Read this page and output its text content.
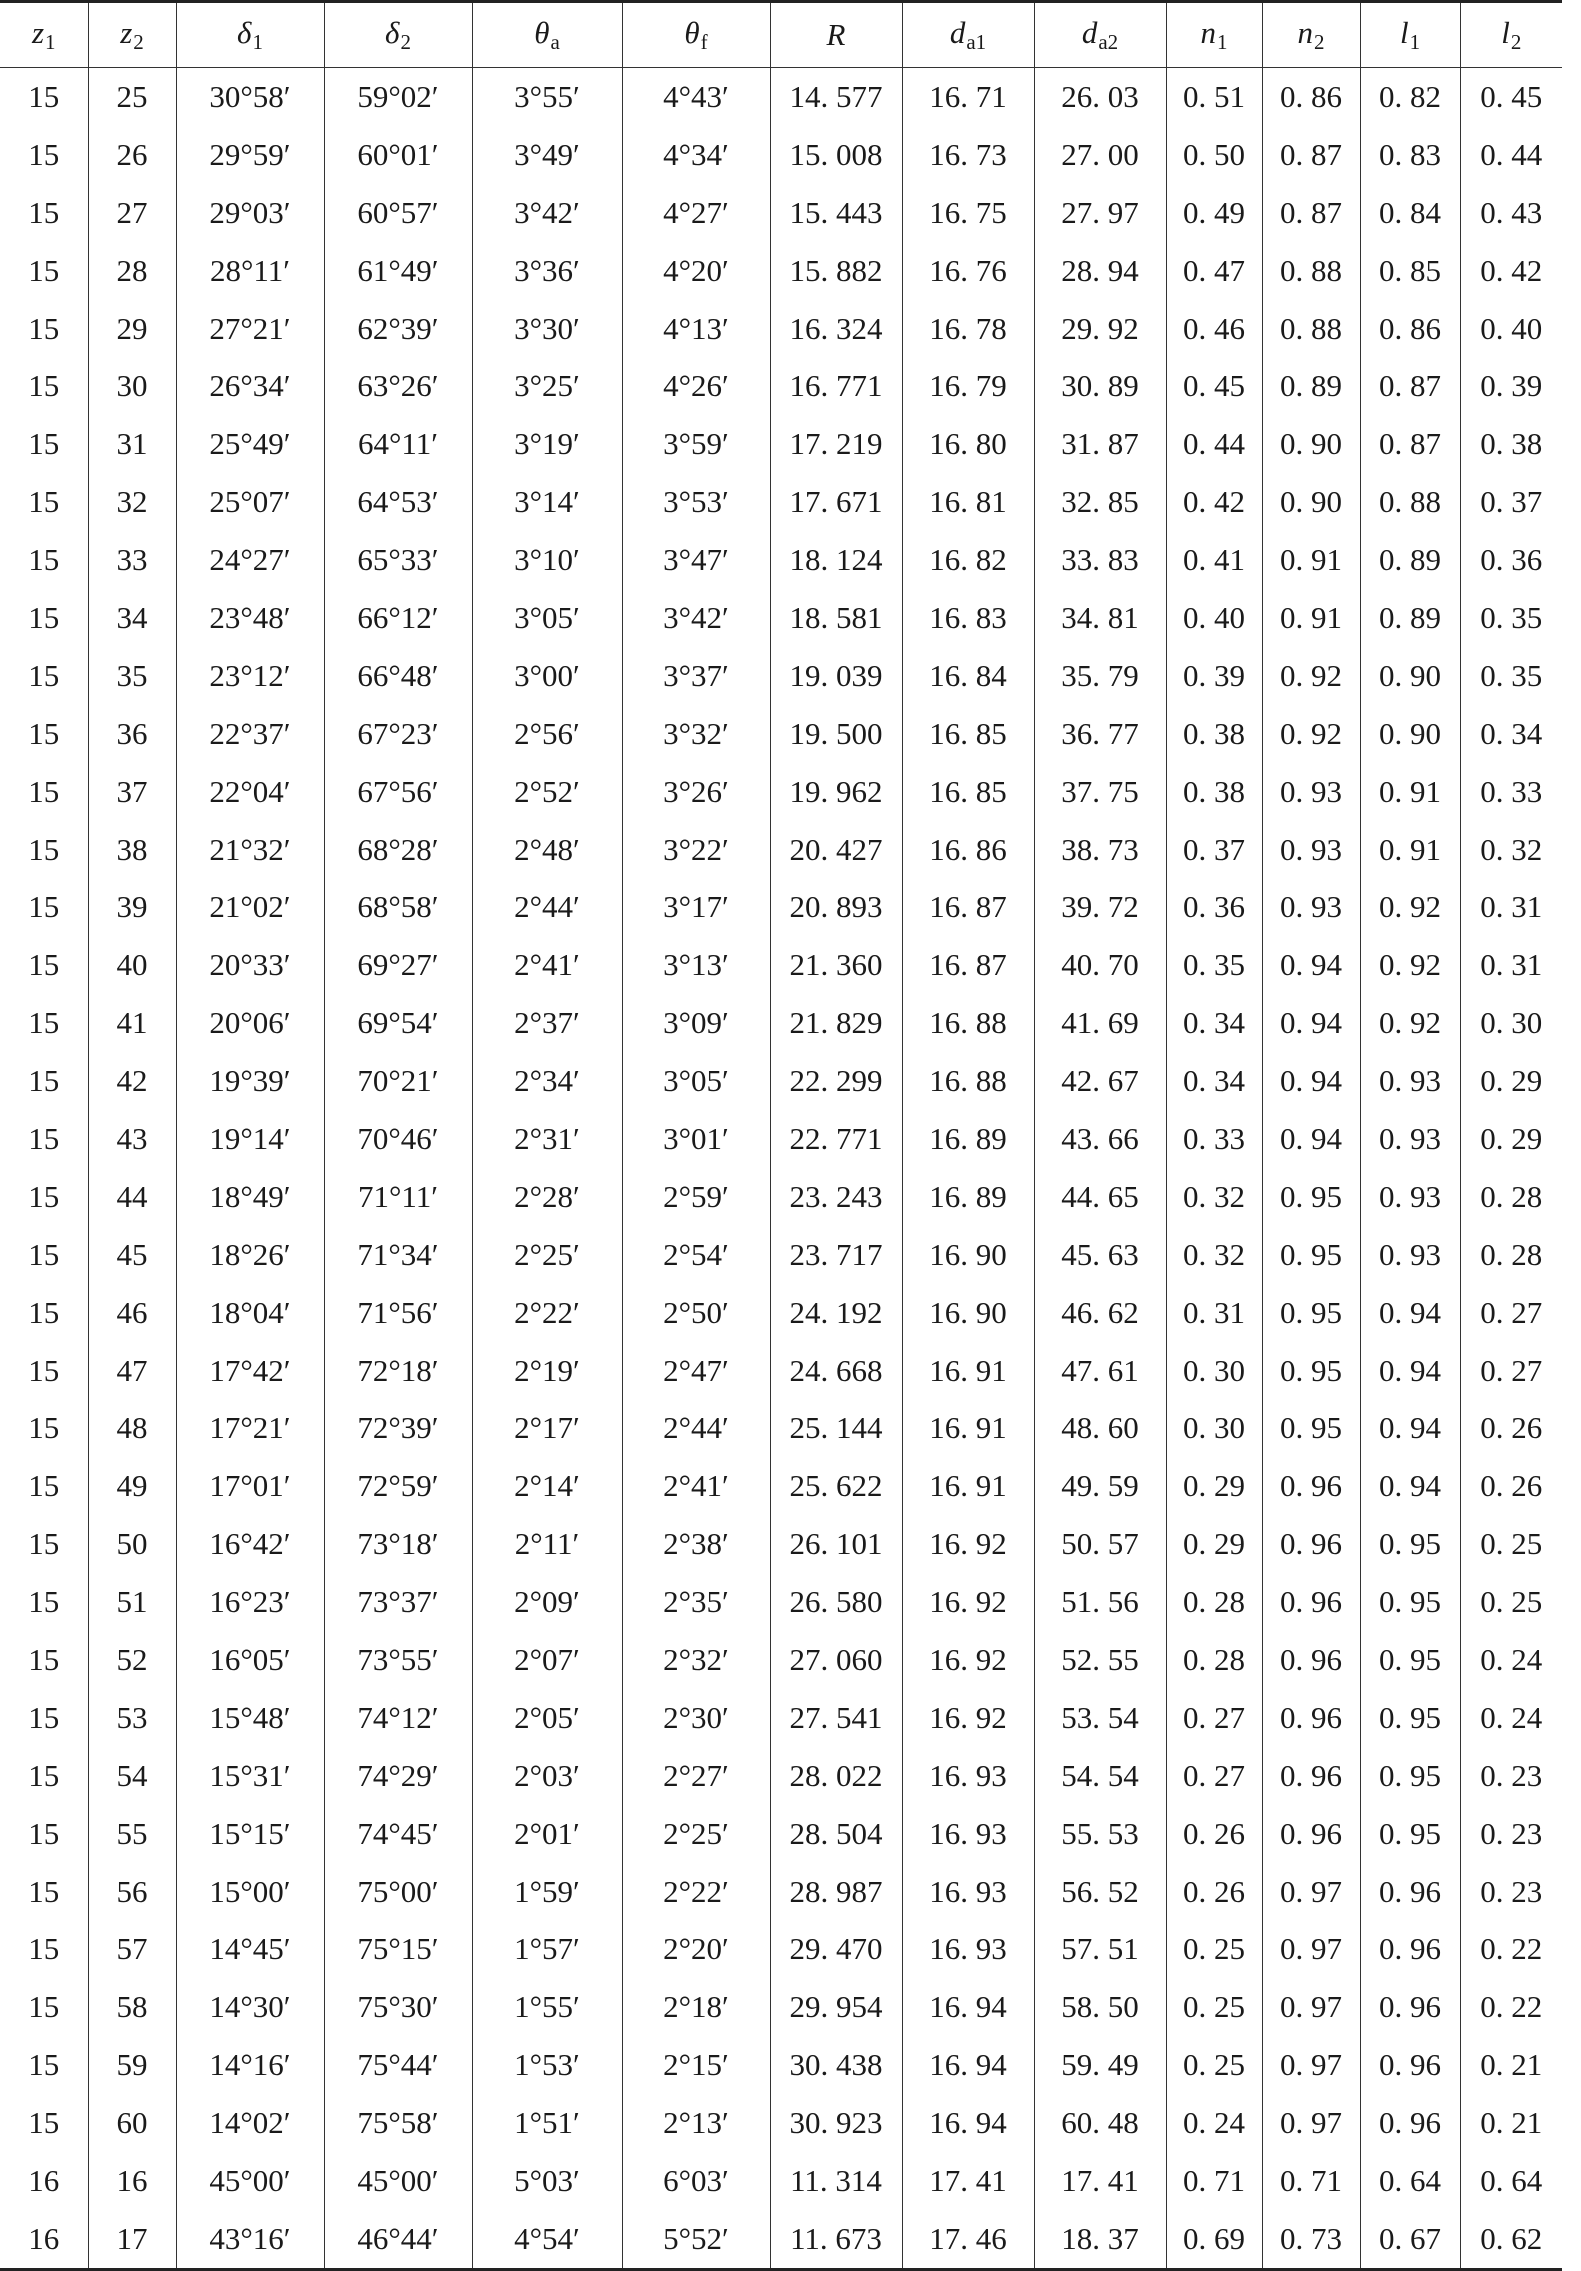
$z_1$	$z_2$	$\delta_1$	$\delta_2$	$\theta_a$	$\theta_f$	R	$d_{a1}$	$d_{a2}$	$n_1$	$n_2$	$l_1$	$l_2$
15	25	30°58′	59°02′	3°55′	4°43′	14. 577	16. 71	26. 03	0. 51	0. 86	0. 82	0. 45
15	26	29°59′	60°01′	3°49′	4°34′	15. 008	16. 73	27. 00	0. 50	0. 87	0. 83	0. 44
15	27	29°03′	60°57′	3°42′	4°27′	15. 443	16. 75	27. 97	0. 49	0. 87	0. 84	0. 43
15	28	28°11′	61°49′	3°36′	4°20′	15. 882	16. 76	28. 94	0. 47	0. 88	0. 85	0. 42
15	29	27°21′	62°39′	3°30′	4°13′	16. 324	16. 78	29. 92	0. 46	0. 88	0. 86	0. 40
15	30	26°34′	63°26′	3°25′	4°26′	16. 771	16. 79	30. 89	0. 45	0. 89	0. 87	0. 39
15	31	25°49′	64°11′	3°19′	3°59′	17. 219	16. 80	31. 87	0. 44	0. 90	0. 87	0. 38
15	32	25°07′	64°53′	3°14′	3°53′	17. 671	16. 81	32. 85	0. 42	0. 90	0. 88	0. 37
15	33	24°27′	65°33′	3°10′	3°47′	18. 124	16. 82	33. 83	0. 41	0. 91	0. 89	0. 36
15	34	23°48′	66°12′	3°05′	3°42′	18. 581	16. 83	34. 81	0. 40	0. 91	0. 89	0. 35
15	35	23°12′	66°48′	3°00′	3°37′	19. 039	16. 84	35. 79	0. 39	0. 92	0. 90	0. 35
15	36	22°37′	67°23′	2°56′	3°32′	19. 500	16. 85	36. 77	0. 38	0. 92	0. 90	0. 34
15	37	22°04′	67°56′	2°52′	3°26′	19. 962	16. 85	37. 75	0. 38	0. 93	0. 91	0. 33
15	38	21°32′	68°28′	2°48′	3°22′	20. 427	16. 86	38. 73	0. 37	0. 93	0. 91	0. 32
15	39	21°02′	68°58′	2°44′	3°17′	20. 893	16. 87	39. 72	0. 36	0. 93	0. 92	0. 31
15	40	20°33′	69°27′	2°41′	3°13′	21. 360	16. 87	40. 70	0. 35	0. 94	0. 92	0. 31
15	41	20°06′	69°54′	2°37′	3°09′	21. 829	16. 88	41. 69	0. 34	0. 94	0. 92	0. 30
15	42	19°39′	70°21′	2°34′	3°05′	22. 299	16. 88	42. 67	0. 34	0. 94	0. 93	0. 29
15	43	19°14′	70°46′	2°31′	3°01′	22. 771	16. 89	43. 66	0. 33	0. 94	0. 93	0. 29
15	44	18°49′	71°11′	2°28′	2°59′	23. 243	16. 89	44. 65	0. 32	0. 95	0. 93	0. 28
15	45	18°26′	71°34′	2°25′	2°54′	23. 717	16. 90	45. 63	0. 32	0. 95	0. 93	0. 28
15	46	18°04′	71°56′	2°22′	2°50′	24. 192	16. 90	46. 62	0. 31	0. 95	0. 94	0. 27
15	47	17°42′	72°18′	2°19′	2°47′	24. 668	16. 91	47. 61	0. 30	0. 95	0. 94	0. 27
15	48	17°21′	72°39′	2°17′	2°44′	25. 144	16. 91	48. 60	0. 30	0. 95	0. 94	0. 26
15	49	17°01′	72°59′	2°14′	2°41′	25. 622	16. 91	49. 59	0. 29	0. 96	0. 94	0. 26
15	50	16°42′	73°18′	2°11′	2°38′	26. 101	16. 92	50. 57	0. 29	0. 96	0. 95	0. 25
15	51	16°23′	73°37′	2°09′	2°35′	26. 580	16. 92	51. 56	0. 28	0. 96	0. 95	0. 25
15	52	16°05′	73°55′	2°07′	2°32′	27. 060	16. 92	52. 55	0. 28	0. 96	0. 95	0. 24
15	53	15°48′	74°12′	2°05′	2°30′	27. 541	16. 92	53. 54	0. 27	0. 96	0. 95	0. 24
15	54	15°31′	74°29′	2°03′	2°27′	28. 022	16. 93	54. 54	0. 27	0. 96	0. 95	0. 23
15	55	15°15′	74°45′	2°01′	2°25′	28. 504	16. 93	55. 53	0. 26	0. 96	0. 95	0. 23
15	56	15°00′	75°00′	1°59′	2°22′	28. 987	16. 93	56. 52	0. 26	0. 97	0. 96	0. 23
15	57	14°45′	75°15′	1°57′	2°20′	29. 470	16. 93	57. 51	0. 25	0. 97	0. 96	0. 22
15	58	14°30′	75°30′	1°55′	2°18′	29. 954	16. 94	58. 50	0. 25	0. 97	0. 96	0. 22
15	59	14°16′	75°44′	1°53′	2°15′	30. 438	16. 94	59. 49	0. 25	0. 97	0. 96	0. 21
15	60	14°02′	75°58′	1°51′	2°13′	30. 923	16. 94	60. 48	0. 24	0. 97	0. 96	0. 21
16	16	45°00′	45°00′	5°03′	6°03′	11. 314	17. 41	17. 41	0. 71	0. 71	0. 64	0. 64
16	17	43°16′	46°44′	4°54′	5°52′	11. 673	17. 46	18. 37	0. 69	0. 73	0. 67	0. 62
